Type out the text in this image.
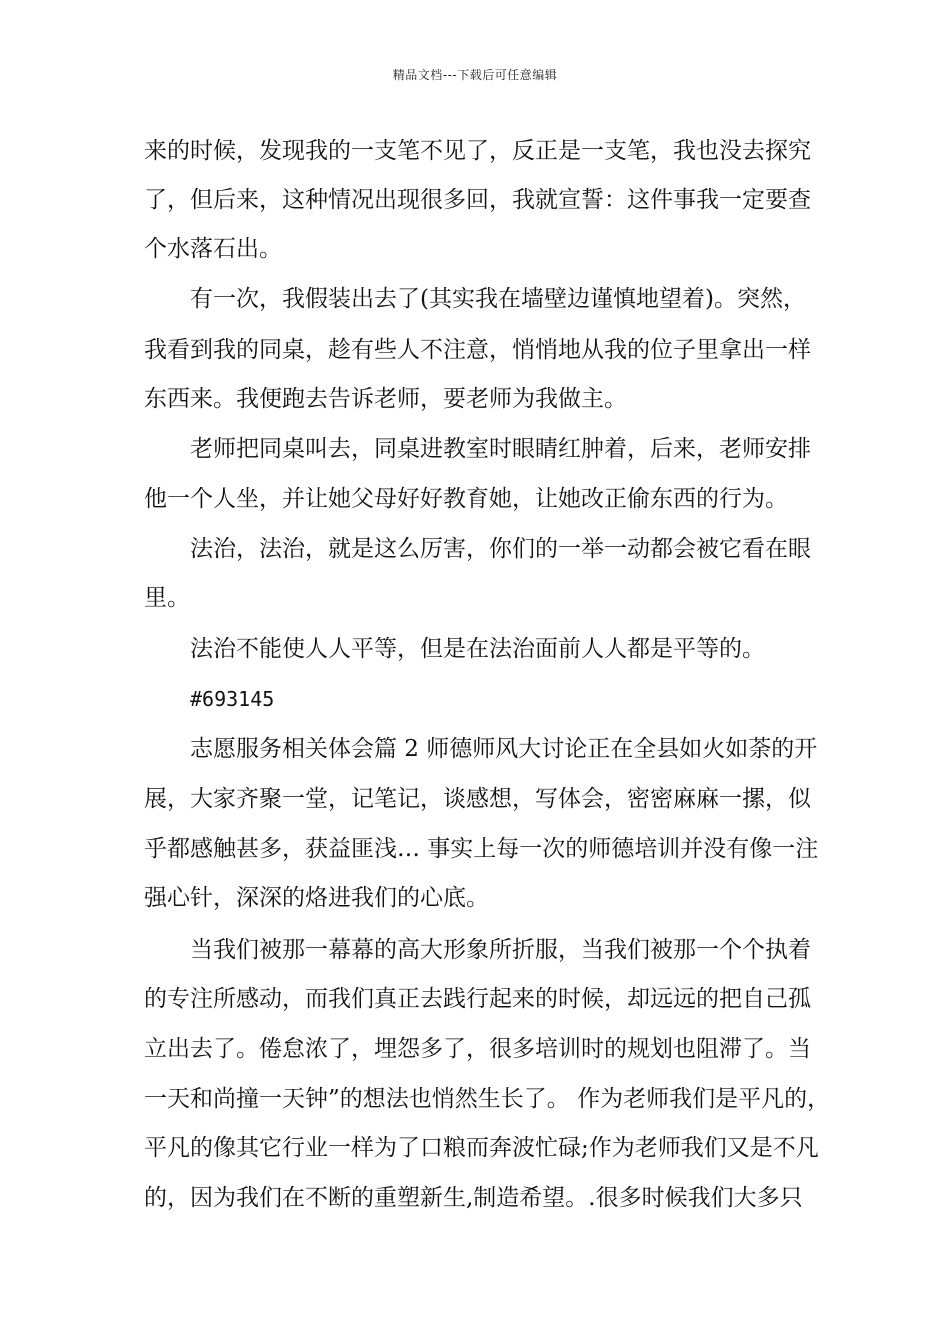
精品文档---下载后可任意编辑
来的时候，发现我的一支笔不见了，反正是一支笔，我也没去探究
了，但后来，这种情况出现很多回，我就宣誓：这件事我一定要查
个水落石出。
有一次，我假装出去了(其实我在墙壁边谨慎地望着)。突然，
我看到我的同桌，趁有些人不注意，悄悄地从我的位子里拿出一样
东西来。我便跑去告诉老师，要老师为我做主。
老师把同桌叫去，同桌进教室时眼睛红肿着，后来，老师安排
他一个人坐，并让她父母好好教育她，让她改正偷东西的行为。
法治，法治，就是这么厉害，你们的一举一动都会被它看在眼
里。
法治不能使人人平等，但是在法治面前人人都是平等的。
#693145
志愿服务相关体会篇 2 师德师风大讨论正在全县如火如荼的开
展，大家齐聚一堂，记笔记，谈感想，写体会，密密麻麻一摞，似
乎都感触甚多，获益匪浅… 事实上每一次的师德培训并没有像一注
强心针，深深的烙进我们的心底。
当我们被那一幕幕的高大形象所折服，当我们被那一个个执着
的专注所感动，而我们真正去践行起来的时候，却远远的把自己孤
立出去了。倦怠浓了，埋怨多了，很多培训时的规划也阻滞了。当
一天和尚撞一天钟”的想法也悄然生长了。 作为老师我们是平凡的，
平凡的像其它行业一样为了口粮而奔波忙碌;作为老师我们又是不凡
的，因为我们在不断的重塑新生,制造希望。.很多时候我们大多只
